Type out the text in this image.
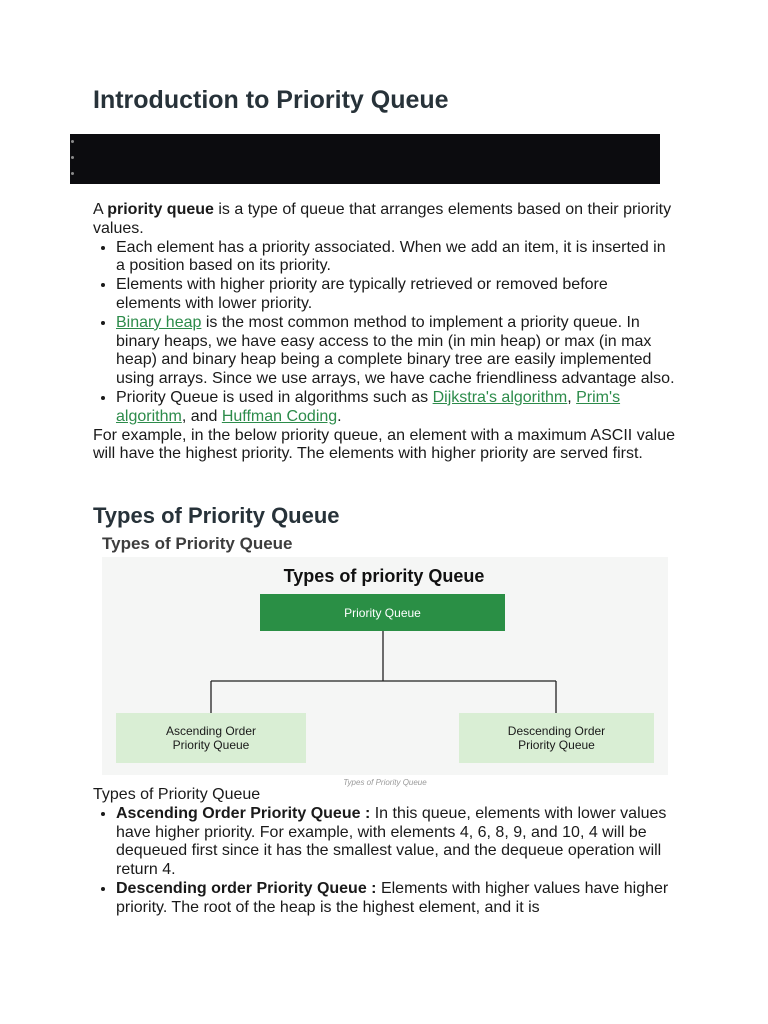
Introduction to Priority Queue

A priority queue is a type of queue that arranges elements based on their priority values.

• Each element has a priority associated. When we add an item, it is inserted in a position based on its priority.
• Elements with higher priority are typically retrieved or removed before elements with lower priority.
• Binary heap is the most common method to implement a priority queue. In binary heaps, we have easy access to the min (in min heap) or max (in max heap) and binary heap being a complete binary tree are easily implemented using arrays. Since we use arrays, we have cache friendliness advantage also.
• Priority Queue is used in algorithms such as Dijkstra's algorithm, Prim's algorithm, and Huffman Coding.

For example, in the below priority queue, an element with a maximum ASCII value will have the highest priority. The elements with higher priority are served first.

Types of Priority Queue
Types of Priority Queue
Types of priority Queue
Priority Queue
Ascending Order
Priority Queue
Descending Order
Priority Queue
Types of Priority Queue

Types of Priority Queue

• Ascending Order Priority Queue : In this queue, elements with lower values have higher priority. For example, with elements 4, 6, 8, 9, and 10, 4 will be dequeued first since it has the smallest value, and the dequeue operation will return 4.
• Descending order Priority Queue : Elements with higher values have higher priority. The root of the heap is the highest element, and it is
